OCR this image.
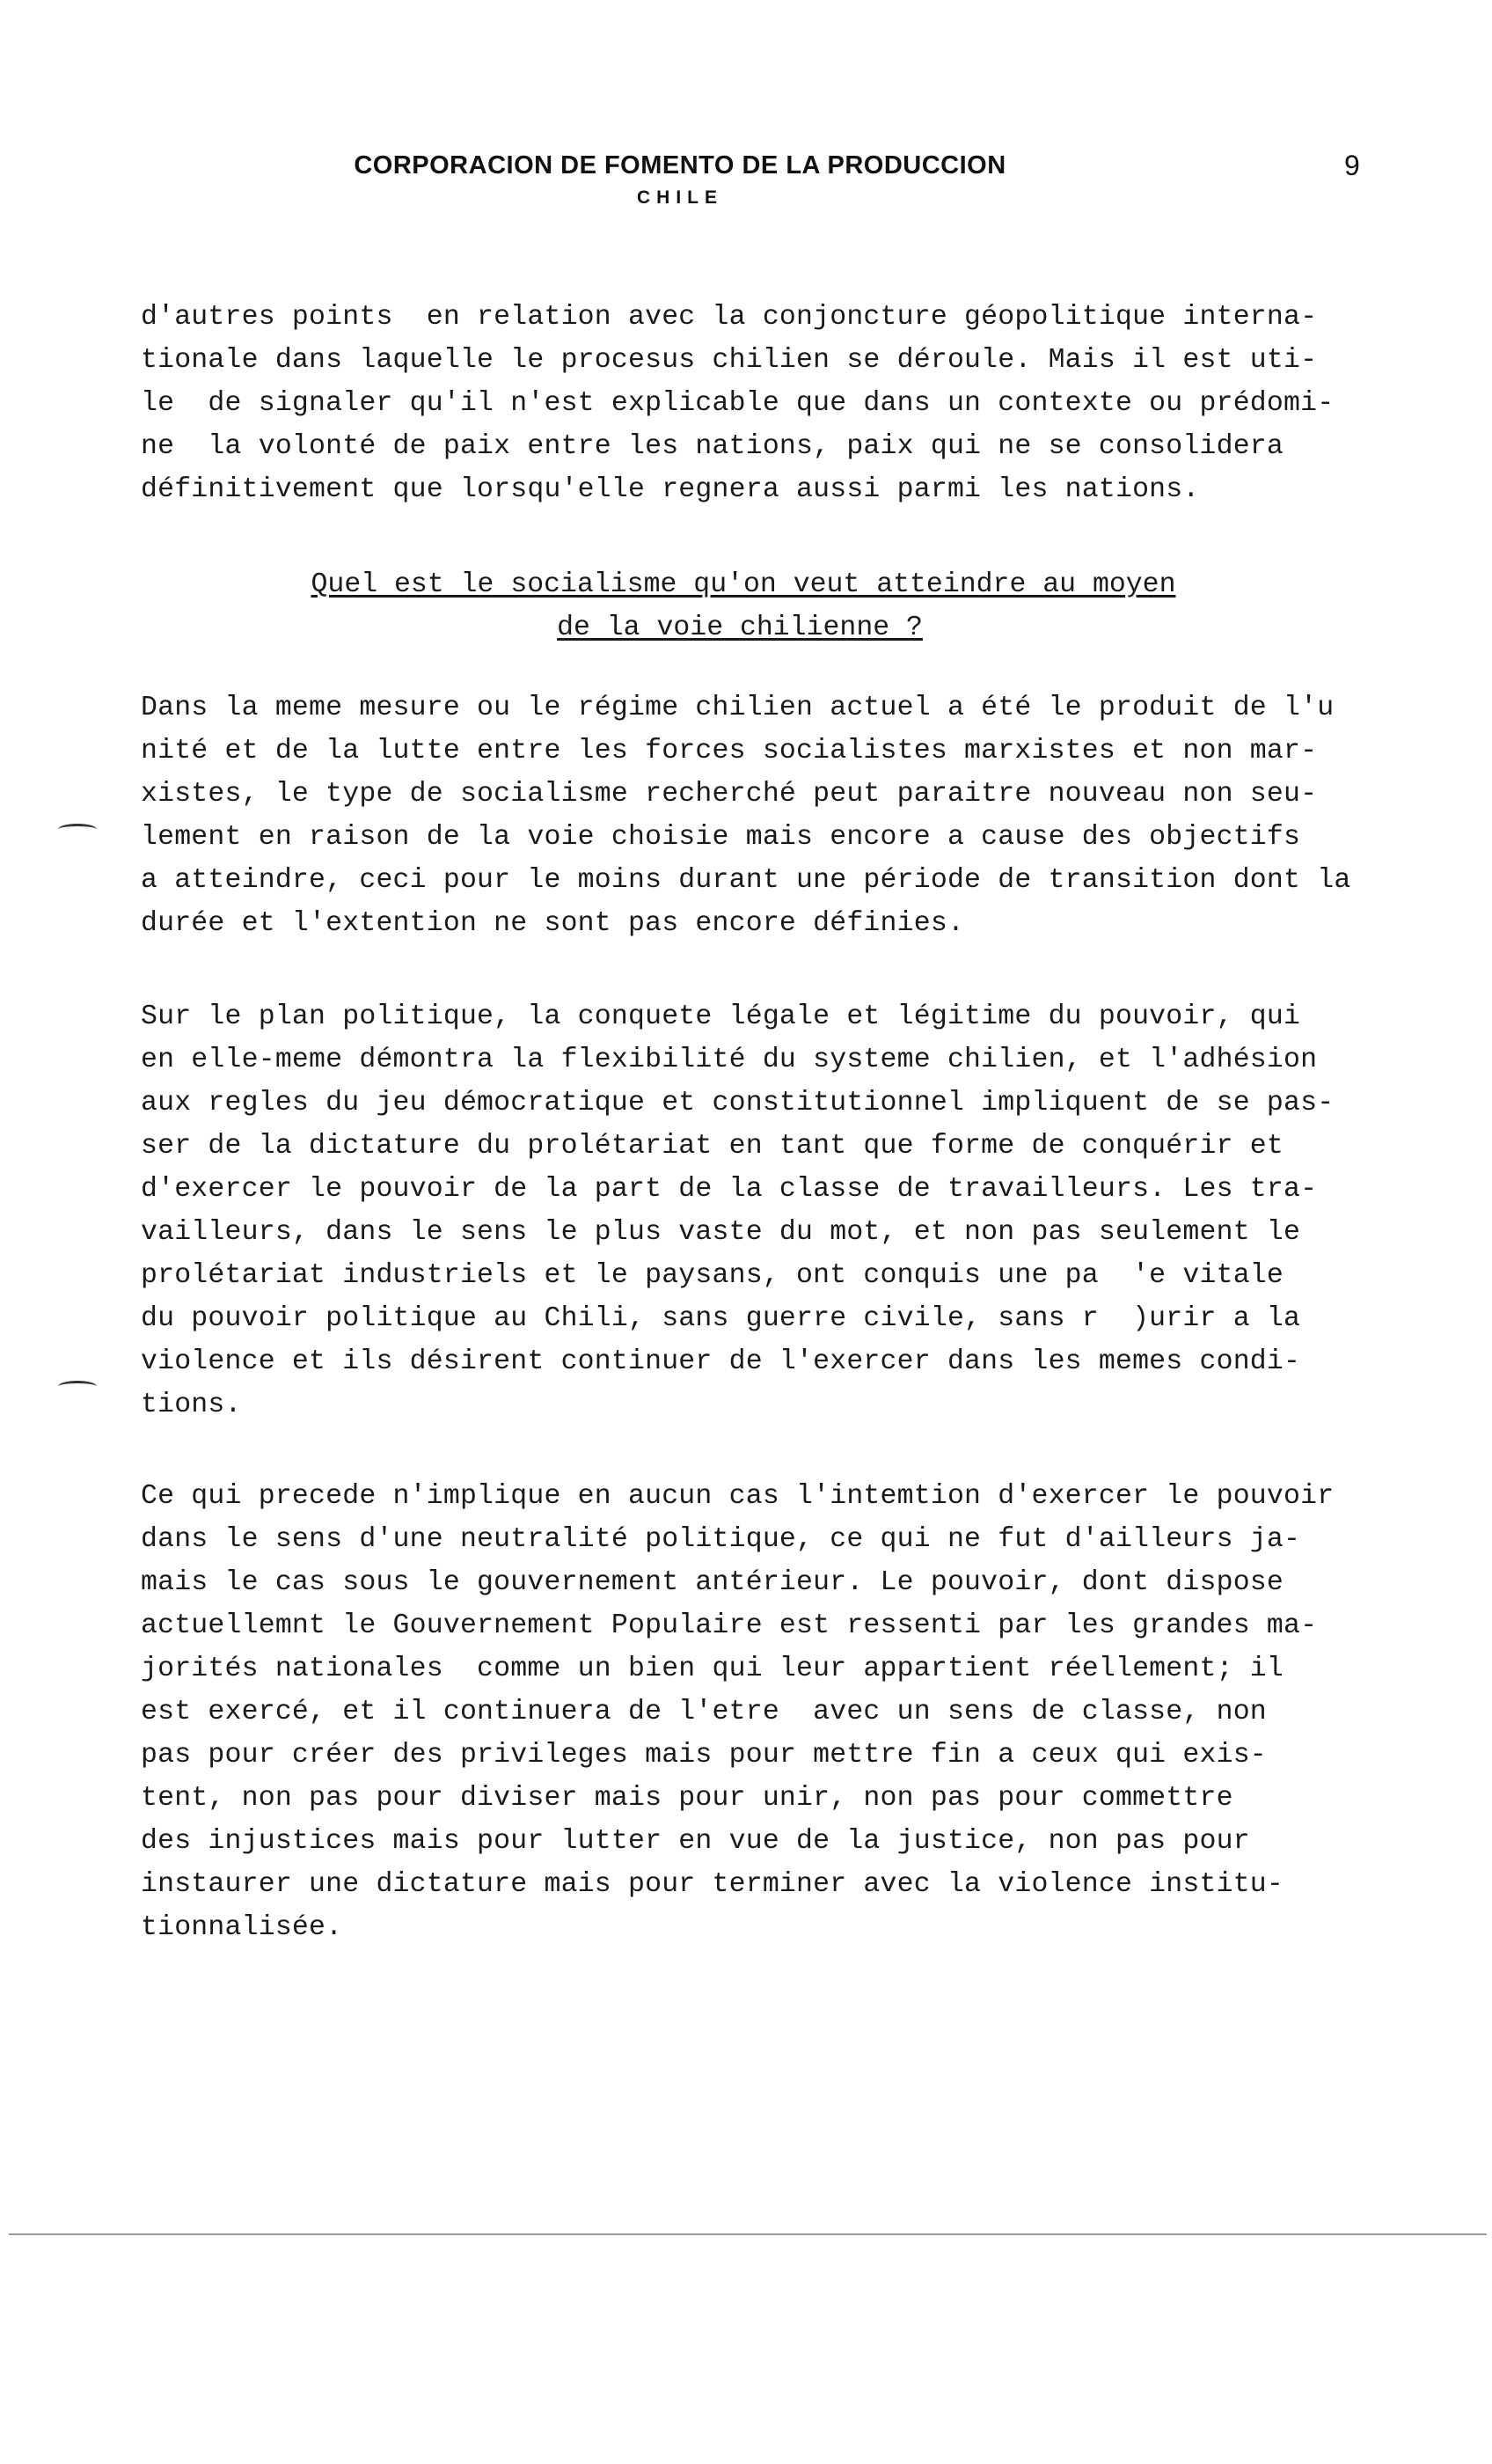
CORPORACION DE FOMENTO DE LA PRODUCCION
CHILE
9
d'autres points  en relation avec la conjoncture géopolitique interna-
tionale dans laquelle le procesus chilien se déroule. Mais il est uti-
le  de signaler qu'il n'est explicable que dans un contexte ou prédomi-
ne  la volonté de paix entre les nations, paix qui ne se consolidera
définitivement que lorsqu'elle regnera aussi parmi les nations.
Quel est le socialisme qu'on veut atteindre au moyen
de la voie chilienne ?
Dans la meme mesure ou le régime chilien actuel a été le produit de l'u
nité et de la lutte entre les forces socialistes marxistes et non mar-
xistes, le type de socialisme recherché peut paraitre nouveau non seu-
lement en raison de la voie choisie mais encore a cause des objectifs
a atteindre, ceci pour le moins durant une période de transition dont la
durée et l'extention ne sont pas encore définies.
Sur le plan politique, la conquete légale et légitime du pouvoir, qui
en elle-meme démontra la flexibilité du systeme chilien, et l'adhésion
aux regles du jeu démocratique et constitutionnel impliquent de se pas-
ser de la dictature du prolétariat en tant que forme de conquérir et
d'exercer le pouvoir de la part de la classe de travailleurs. Les tra-
vailleurs, dans le sens le plus vaste du mot, et non pas seulement le
prolétariat industriels et le paysans, ont conquis une pa  'e vitale
du pouvoir politique au Chili, sans guerre civile, sans r  )urir a la
violence et ils désirent continuer de l'exercer dans les memes condi-
tions.
Ce qui precede n'implique en aucun cas l'intemtion d'exercer le pouvoir
dans le sens d'une neutralité politique, ce qui ne fut d'ailleurs ja-
mais le cas sous le gouvernement antérieur. Le pouvoir, dont dispose
actuellemnt le Gouvernement Populaire est ressenti par les grandes ma-
jorités nationales  comme un bien qui leur appartient réellement; il
est exercé, et il continuera de l'etre  avec un sens de classe, non
pas pour créer des privileges mais pour mettre fin a ceux qui exis-
tent, non pas pour diviser mais pour unir, non pas pour commettre
des injustices mais pour lutter en vue de la justice, non pas pour
instaurer une dictature mais pour terminer avec la violence institu-
tionnalisée.
